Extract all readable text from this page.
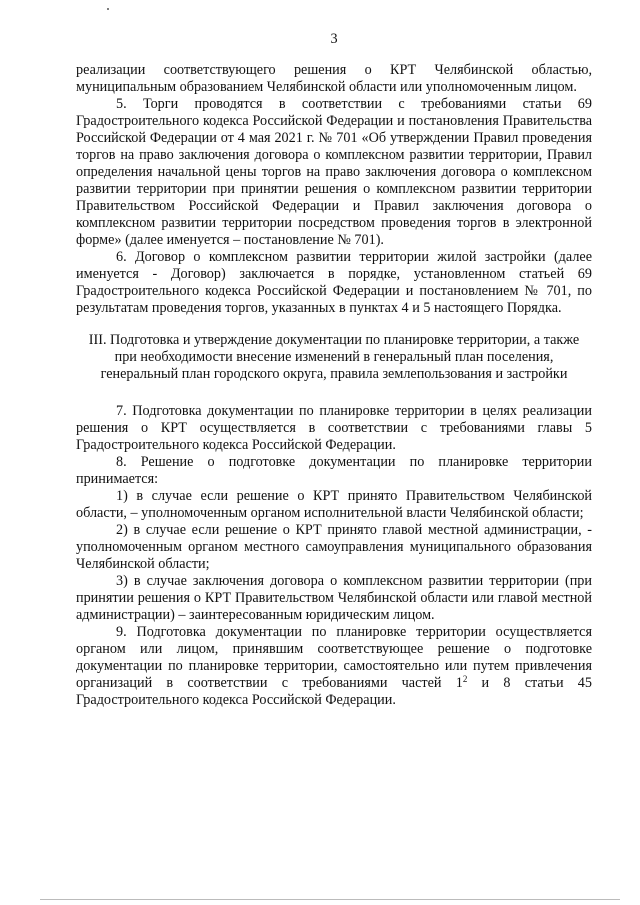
3

реализации соответствующего решения о КРТ Челябинской областью, муниципальным образованием Челябинской области или уполномоченным лицом.

5. Торги проводятся в соответствии с требованиями статьи 69 Градостроительного кодекса Российской Федерации и постановления Правительства Российской Федерации от 4 мая 2021 г. № 701 «Об утверждении Правил проведения торгов на право заключения договора о комплексном развитии территории, Правил определения начальной цены торгов на право заключения договора о комплексном развитии территории при принятии решения о комплексном развитии территории Правительством Российской Федерации и Правил заключения договора о комплексном развитии территории посредством проведения торгов в электронной форме» (далее именуется – постановление № 701).

6. Договор о комплексном развитии территории жилой застройки (далее именуется - Договор) заключается в порядке, установленном статьей 69 Градостроительного кодекса Российской Федерации и постановлением № 701, по результатам проведения торгов, указанных в пунктах 4 и 5 настоящего Порядка.

III. Подготовка и утверждение документации по планировке территории, а также при необходимости внесение изменений в генеральный план поселения, генеральный план городского округа, правила землепользования и застройки

7. Подготовка документации по планировке территории в целях реализации решения о КРТ осуществляется в соответствии с требованиями главы 5 Градостроительного кодекса Российской Федерации.

8. Решение о подготовке документации по планировке территории принимается:

1) в случае если решение о КРТ принято Правительством Челябинской области, – уполномоченным органом исполнительной власти Челябинской области;

2) в случае если решение о КРТ принято главой местной администрации, - уполномоченным органом местного самоуправления муниципального образования Челябинской области;

3) в случае заключения договора о комплексном развитии территории (при принятии решения о КРТ Правительством Челябинской области или главой местной администрации) – заинтересованным юридическим лицом.

9. Подготовка документации по планировке территории осуществляется органом или лицом, принявшим соответствующее решение о подготовке документации по планировке территории, самостоятельно или путем привлечения организаций в соответствии с требованиями частей $1^2$ и 8 статьи 45 Градостроительного кодекса Российской Федерации.
